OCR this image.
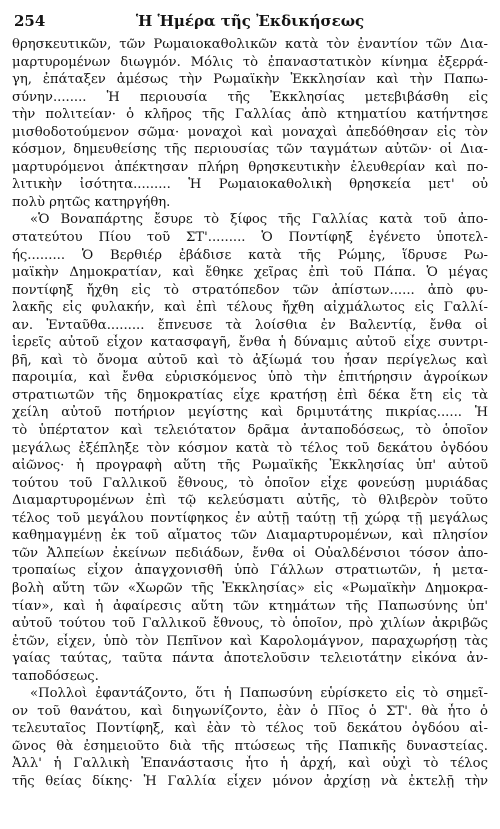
254	Ἡ Ἡμέρα τῆς Ἐκδικήσεως
θρησκευτικῶν, τῶν Ρωμαιοκαθολικῶν κατὰ τὸν ἐναντίον τῶν Δια-
μαρτυρομένων διωγμόν. Μόλις τὸ ἐπαναστατικὸν κίνημα ἐξερρά-
γη, ἐπάταξεν ἀμέσως τὴν Ρωμαϊκὴν Ἐκκλησίαν καὶ τὴν Παπω-
σύνην........ Ἡ περιουσία τῆς Ἐκκλησίας μετεβιβάσθη εἰς
τὴν πολιτείαν· ὁ κλῆρος τῆς Γαλλίας ἀπὸ κτηματίου κατήντησε
μισθοδοτούμενον σῶμα· μοναχοὶ καὶ μοναχαὶ ἀπεδόθησαν εἰς τὸν
κόσμον, δημευθείσης τῆς περιουσίας τῶν ταγμάτων αὐτῶν· οἱ Δια-
μαρτυρόμενοι ἀπέκτησαν πλήρη θρησκευτικὴν ἐλευθερίαν καὶ πο-
λιτικὴν ἰσότητα......... Ἡ Ρωμαιοκαθολικὴ θρησκεία μετ' οὐ
πολὺ ρητῶς κατηργήθη.
«Ὁ Βοναπάρτης ἔσυρε τὸ ξίφος τῆς Γαλλίας κατὰ τοῦ ἀπο-
στατεύτου Πίου τοῦ ΣΤ'......... Ὁ Ποντίφηξ ἐγένετο ὑποτελ-
ής......... Ὁ Βερθιέρ ἐβάδισε κατὰ τῆς Ρώμης, ἵδρυσε Ρω-
μαϊκὴν Δημοκρατίαν, καὶ ἔθηκε χεῖρας ἐπὶ τοῦ Πάπα. Ὁ μέγας
ποντίφηξ ἤχθη εἰς τὸ στρατόπεδον τῶν ἀπίστων...... ἀπὸ φυ-
λακῆς εἰς φυλακήν, καὶ ἐπὶ τέλους ἤχθη αἰχμάλωτος εἰς Γαλλί-
αν. Ἐνταῦθα......... ἔπνευσε τὰ λοίσθια ἐν Βαλεντίᾳ, ἔνθα οἱ
ἱερεῖς αὐτοῦ εἶχον κατασφαγῆ, ἔνθα ἡ δύναμις αὐτοῦ εἶχε συντρι-
βῆ, καὶ τὸ ὄνομα αὐτοῦ καὶ τὸ ἀξίωμά του ἦσαν περίγελως καὶ
παροιμία, καὶ ἔνθα εὑρισκόμενος ὑπὸ τὴν ἐπιτήρησιν ἀγροίκων
στρατιωτῶν τῆς δημοκρατίας εἶχε κρατήσῃ ἐπὶ δέκα ἔτη εἰς τὰ
χείλη αὐτοῦ ποτήριον μεγίστης καὶ δριμυτάτης πικρίας...... Ἡ
τὸ ὑπέρτατον καὶ τελειότατον δρᾶμα ἀνταποδόσεως, τὸ ὁποῖον
μεγάλως ἐξέπληξε τὸν κόσμον κατὰ τὸ τέλος τοῦ δεκάτου ὀγδόου
αἰῶνος· ἡ προγραφὴ αὕτη τῆς Ρωμαϊκῆς Ἐκκλησίας ὑπ' αὐτοῦ
τούτου τοῦ Γαλλικοῦ ἔθνους, τὸ ὁποῖον εἶχε φονεύσῃ μυριάδας
Διαμαρτυρομένων ἐπὶ τῷ κελεύσματι αὐτῆς, τὸ θλιβερὸν τοῦτο
τέλος τοῦ μεγάλου ποντίφηκος ἐν αὐτῇ ταύτῃ τῇ χώρᾳ τῇ μεγάλως
καθημαγμένῃ ἐκ τοῦ αἵματος τῶν Διαμαρτυρομένων, καὶ πλησίον
τῶν Ἀλπείων ἐκείνων πεδιάδων, ἔνθα οἱ Οὐαλδένσιοι τόσον ἀπο-
τροπαίως εἶχον ἀπαγχονισθῆ ὑπὸ Γάλλων στρατιωτῶν, ἡ μετα-
βολὴ αὕτη τῶν «Χωρῶν τῆς Ἐκκλησίας» εἰς «Ρωμαϊκὴν Δημοκρα-
τίαν», καὶ ἡ ἀφαίρεσις αὕτη τῶν κτημάτων τῆς Παπωσύνης ὑπ'
αὐτοῦ τούτου τοῦ Γαλλικοῦ ἔθνους, τὸ ὁποῖον, πρὸ χιλίων ἀκριβῶς
ἐτῶν, εἶχεν, ὑπὸ τὸν Πεπῖνον καὶ Καρολομάγνον, παραχωρήσῃ τὰς
γαίας ταύτας, ταῦτα πάντα ἀποτελοῦσιν τελειοτάτην εἰκόνα ἀν-
ταποδόσεως.
«Πολλοὶ ἐφαντάζοντο, ὅτι ἡ Παπωσύνη εὑρίσκετο εἰς τὸ σημεῖ-
ον τοῦ θανάτου, καὶ διηγωνίζοντο, ἐὰν ὁ Πῖος ὁ ΣΤ'. θὰ ἦτο ὁ
τελευταῖος Ποντίφηξ, καὶ ἐὰν τὸ τέλος τοῦ δεκάτου ὀγδόου αἰ-
ῶνος θὰ ἐσημειοῦτο διὰ τῆς πτώσεως τῆς Παπικῆς δυναστείας.
Ἀλλ' ἡ Γαλλικὴ Ἐπανάστασις ἦτο ἡ ἀρχή, καὶ οὐχὶ τὸ τέλος
τῆς θείας δίκης· Ἡ Γαλλία εἶχεν μόνον ἀρχίσῃ νὰ ἐκτελῇ τὴν
